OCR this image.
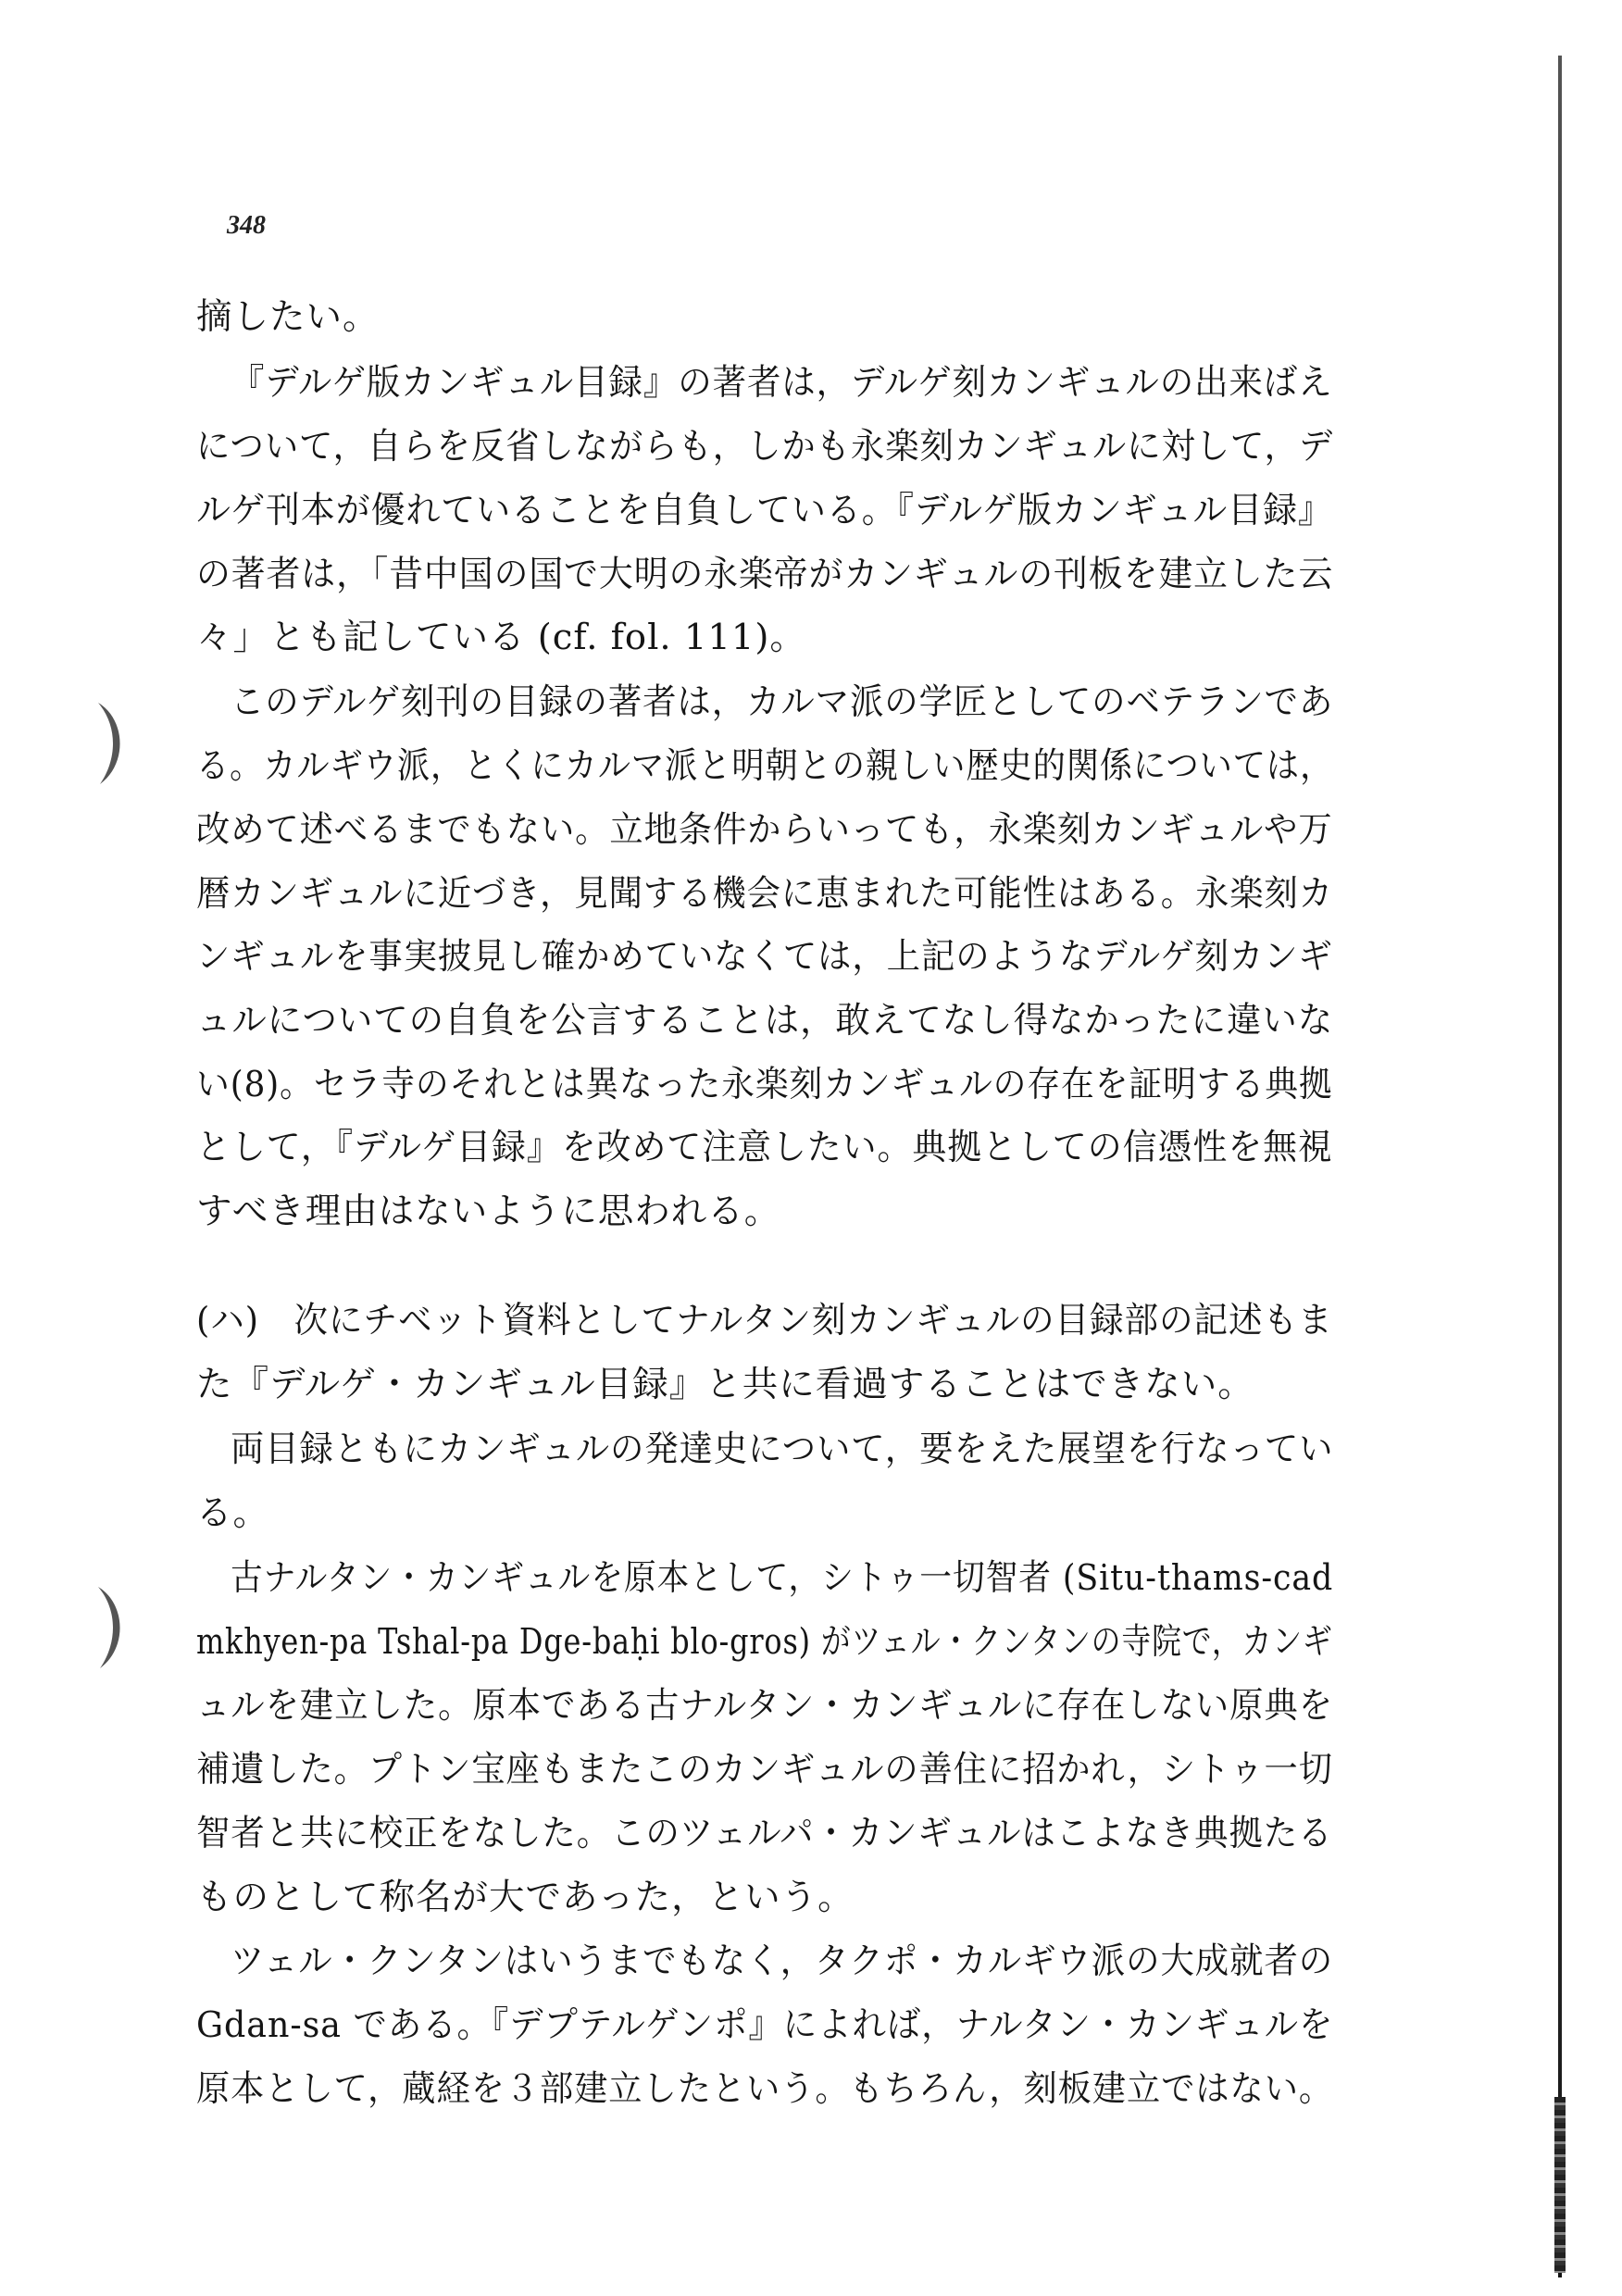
348
摘したい。
『デルゲ版カンギュル目録』の著者は，デルゲ刻カンギュルの出来ばえ
について，自らを反省しながらも，しかも永楽刻カンギュルに対して，デ
ルゲ刊本が優れていることを自負している。『デルゲ版カンギュル目録』
の著者は，「昔中国の国で大明の永楽帝がカンギュルの刊板を建立した云
々」とも記している (cf. fol. 111)。
このデルゲ刻刊の目録の著者は，カルマ派の学匠としてのベテランであ
る。カルギウ派，とくにカルマ派と明朝との親しい歴史的関係については，
改めて述べるまでもない。立地条件からいっても，永楽刻カンギュルや万
暦カンギュルに近づき，見聞する機会に恵まれた可能性はある。永楽刻カ
ンギュルを事実披見し確かめていなくては，上記のようなデルゲ刻カンギ
ュルについての自負を公言することは，敢えてなし得なかったに違いな
い(8)。セラ寺のそれとは異なった永楽刻カンギュルの存在を証明する典拠
として，『デルゲ目録』を改めて注意したい。典拠としての信憑性を無視
すべき理由はないように思われる。
(ハ)　次にチベット資料としてナルタン刻カンギュルの目録部の記述もま
た『デルゲ・カンギュル目録』と共に看過することはできない。
両目録ともにカンギュルの発達史について，要をえた展望を行なってい
る。
古ナルタン・カンギュルを原本として，シトゥ一切智者 (Situ-thams-cad
mkhyen-pa Tshal-pa Dge-baḥi blo-gros) がツェル・クンタンの寺院で，カンギ
ュルを建立した。原本である古ナルタン・カンギュルに存在しない原典を
補遺した。プトン宝座もまたこのカンギュルの善住に招かれ，シトゥ一切
智者と共に校正をなした。このツェルパ・カンギュルはこよなき典拠たる
ものとして称名が大であった，という。
ツェル・クンタンはいうまでもなく，タクポ・カルギウ派の大成就者の
Gdan-sa である。『デプテルゲンポ』によれば，ナルタン・カンギュルを
原本として，蔵経を３部建立したという。もちろん，刻板建立ではない。
